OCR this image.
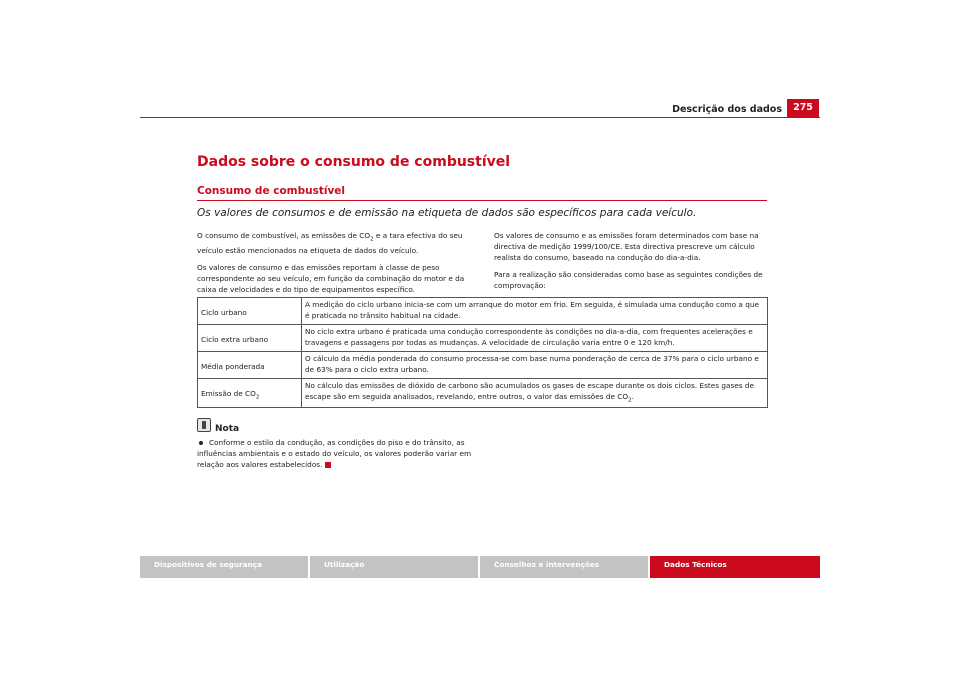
Descrição dos dados	275
Dados sobre o consumo de combustível
Consumo de combustível
Os valores de consumos e de emissão na etiqueta de dados são específicos para cada veículo.

O consumo de combustível, as emissões de $CO_2$ e a tara efectiva do seu veículo estão mencionados na etiqueta de dados do veículo.

Os valores de consumo e das emissões reportam à classe de peso correspondente ao seu veículo, em função da combinação do motor e da caixa de velocidades e do tipo de equipamentos específico.

Os valores de consumo e as emissões foram determinados com base na directiva de medição 1999/100/CE. Esta directiva prescreve um cálculo realista do consumo, baseado na condução do dia-a-dia.

Para a realização são consideradas como base as seguintes condições de comprovação:

Ciclo urbano	A medição do ciclo urbano inicia-se com um arranque do motor em frio. Em seguida, é simulada uma condução como a que é praticada no trânsito habitual na cidade.
Ciclo extra urbano	No ciclo extra urbano é praticada uma condução correspondente às condições no dia-a-dia, com frequentes acelerações e travagens e passagens por todas as mudanças. A velocidade de circulação varia entre 0 e 120 km/h.
Média ponderada	O cálculo da média ponderada do consumo processa-se com base numa ponderação de cerca de 37% para o ciclo urbano e de 63% para o ciclo extra urbano.
Emissão de $CO_2$	No cálculo das emissões de dióxido de carbono são acumulados os gases de escape durante os dois ciclos. Estes gases de escape são em seguida analisados, revelando, entre outros, o valor das emissões de $CO_2$.
Nota
Conforme o estilo da condução, as condições do piso e do trânsito, as influências ambientais e o estado do veículo, os valores poderão variar em relação aos valores estabelecidos.
Dispositivos de segurança	Utilização	Conselhos e intervenções	Dados Técnicos
